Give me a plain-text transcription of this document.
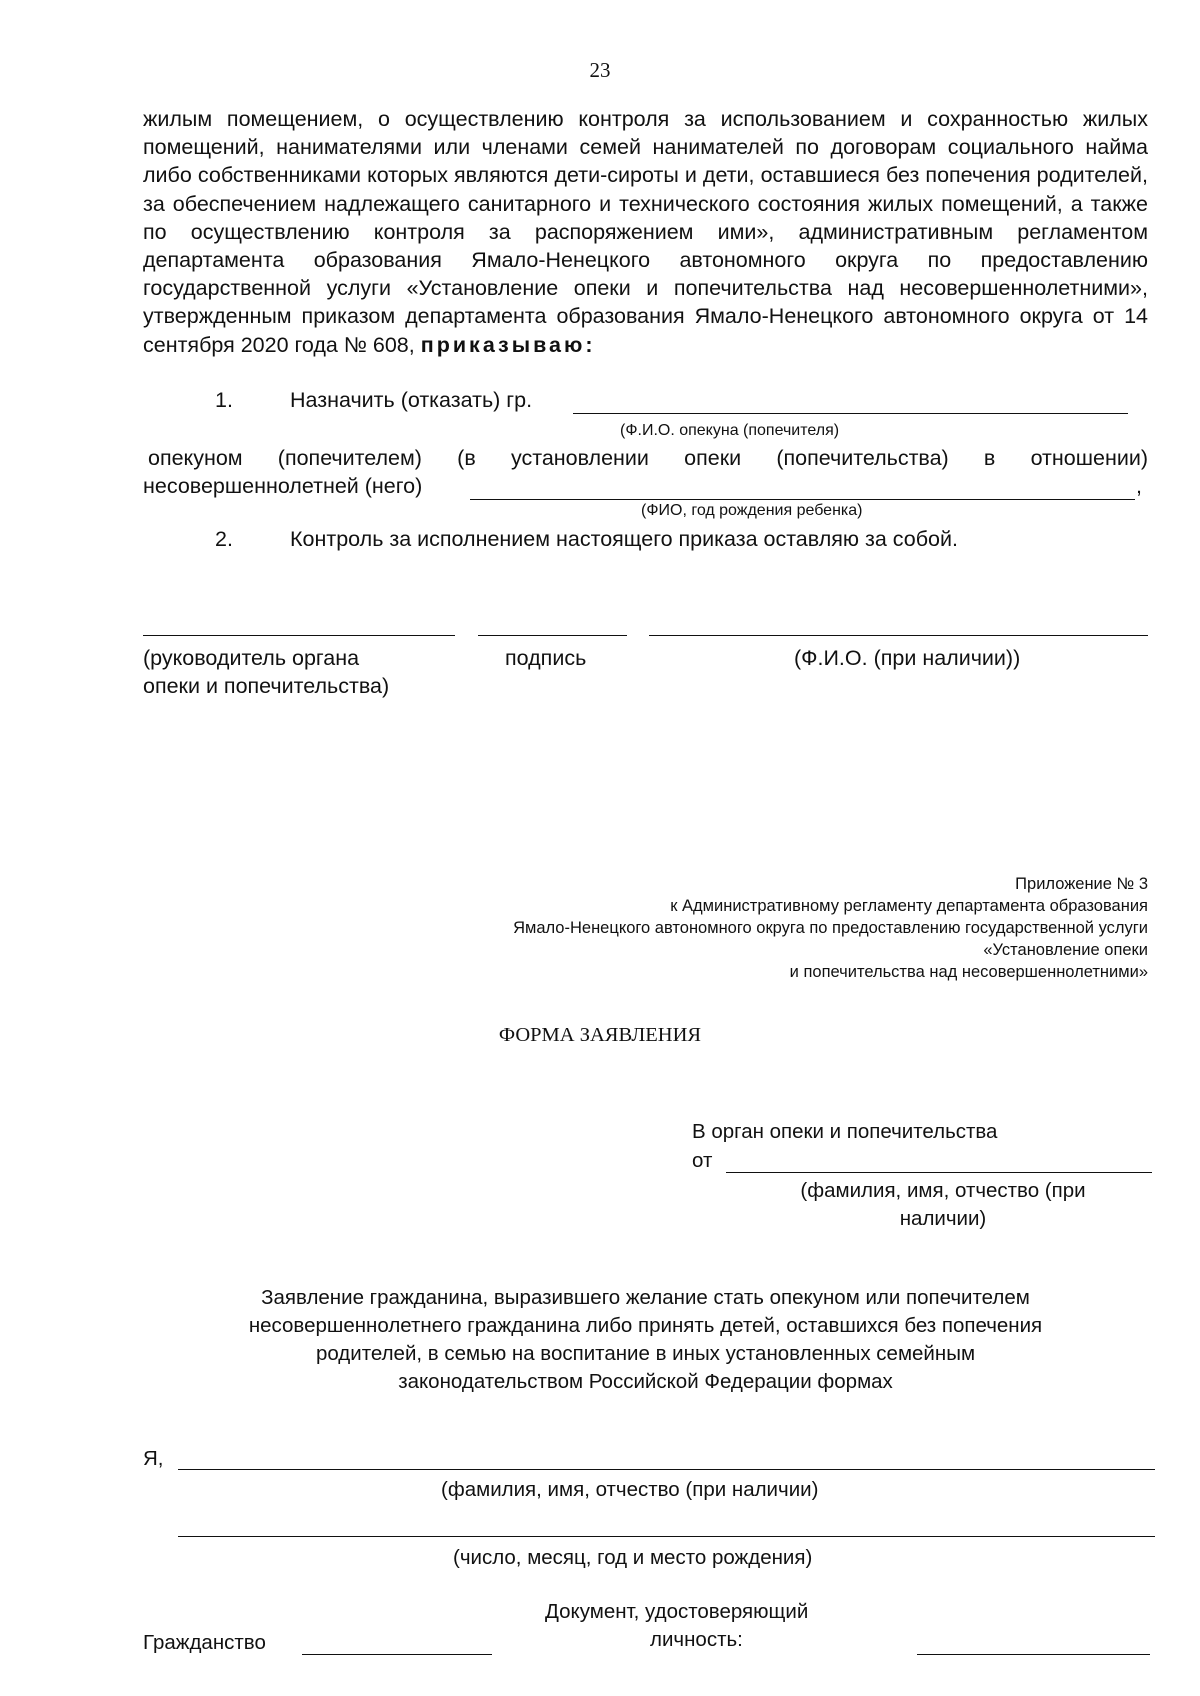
23
жилым помещением, о осуществлению контроля за использованием и сохранностью жилых помещений, нанимателями или членами семей нанимателей по договорам социального найма либо собственниками которых являются дети-сироты и дети, оставшиеся без попечения родителей, за обеспечением надлежащего санитарного и технического состояния жилых помещений, а также по осуществлению контроля за распоряжением ими», административным регламентом департамента образования Ямало-Ненецкого автономного округа по предоставлению государственной услуги «Установление опеки и попечительства над несовершеннолетними», утвержденным приказом департамента образования Ямало-Ненецкого автономного округа от 14 сентября 2020 года № 608, приказываю:
1.	Назначить (отказать) гр.
(Ф.И.О. опекуна (попечителя)
опекуном (попечителем) (в установлении опеки (попечительства) в отношении)
несовершеннолетней (него)	,
(ФИО, год рождения ребенка)
2.	Контроль за исполнением настоящего приказа оставляю за собой.
(руководитель органа
опеки и попечительства)
подпись	(Ф.И.О. (при наличии))
Приложение № 3
к Административному регламенту департамента образования
Ямало-Ненецкого автономного округа по предоставлению государственной услуги
«Установление опеки
и попечительства над несовершеннолетними»
ФОРМА ЗАЯВЛЕНИЯ
В орган опеки и попечительства
от
(фамилия, имя, отчество (при
наличии)
Заявление гражданина, выразившего желание стать опекуном или попечителем
несовершеннолетнего гражданина либо принять детей, оставшихся без попечения
родителей, в семью на воспитание в иных установленных семейным
законодательством Российской Федерации формах
Я,
(фамилия, имя, отчество (при наличии)
(число, месяц, год и место рождения)
Документ, удостоверяющий
личность:
Гражданство
